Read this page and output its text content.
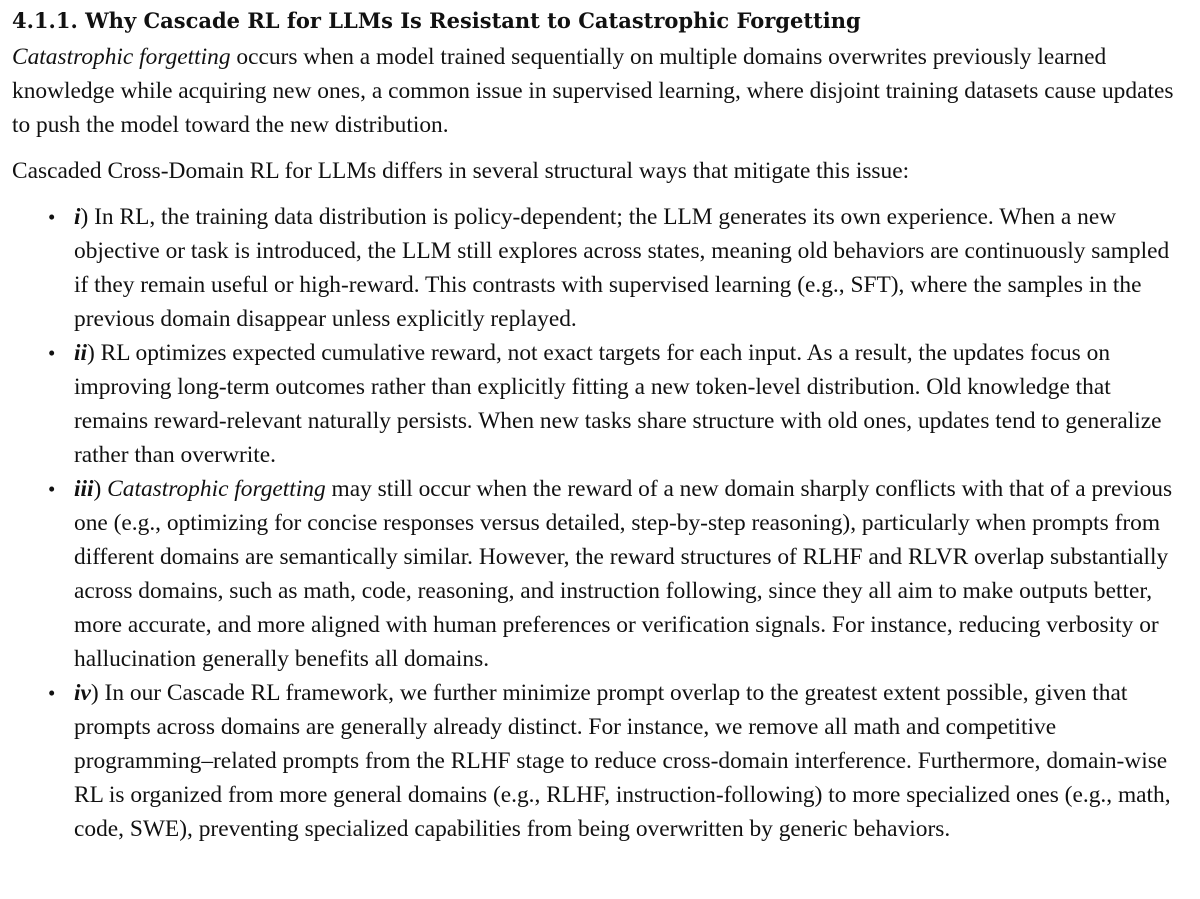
4.1.1. Why Cascade RL for LLMs Is Resistant to Catastrophic Forgetting

Catastrophic forgetting occurs when a model trained sequentially on multiple domains overwrites previously learned knowledge while acquiring new ones, a common issue in supervised learning, where disjoint training datasets cause updates to push the model toward the new distribution.

Cascaded Cross-Domain RL for LLMs differs in several structural ways that mitigate this issue:

• i) In RL, the training data distribution is policy-dependent; the LLM generates its own experience. When a new objective or task is introduced, the LLM still explores across states, meaning old behaviors are continuously sampled if they remain useful or high-reward. This contrasts with supervised learning (e.g., SFT), where the samples in the previous domain disappear unless explicitly replayed.
• ii) RL optimizes expected cumulative reward, not exact targets for each input. As a result, the updates focus on improving long-term outcomes rather than explicitly fitting a new token-level distribution. Old knowledge that remains reward-relevant naturally persists. When new tasks share structure with old ones, updates tend to generalize rather than overwrite.
• iii) Catastrophic forgetting may still occur when the reward of a new domain sharply conflicts with that of a previous one (e.g., optimizing for concise responses versus detailed, step-by-step reasoning), particularly when prompts from different domains are semantically similar. However, the reward structures of RLHF and RLVR overlap substantially across domains, such as math, code, reasoning, and instruction following, since they all aim to make outputs better, more accurate, and more aligned with human preferences or verification signals. For instance, reducing verbosity or hallucination generally benefits all domains.
• iv) In our Cascade RL framework, we further minimize prompt overlap to the greatest extent possible, given that prompts across domains are generally already distinct. For instance, we remove all math and competitive programming–related prompts from the RLHF stage to reduce cross-domain interference. Furthermore, domain-wise RL is organized from more general domains (e.g., RLHF, instruction-following) to more specialized ones (e.g., math, code, SWE), preventing specialized capabilities from being overwritten by generic behaviors.
